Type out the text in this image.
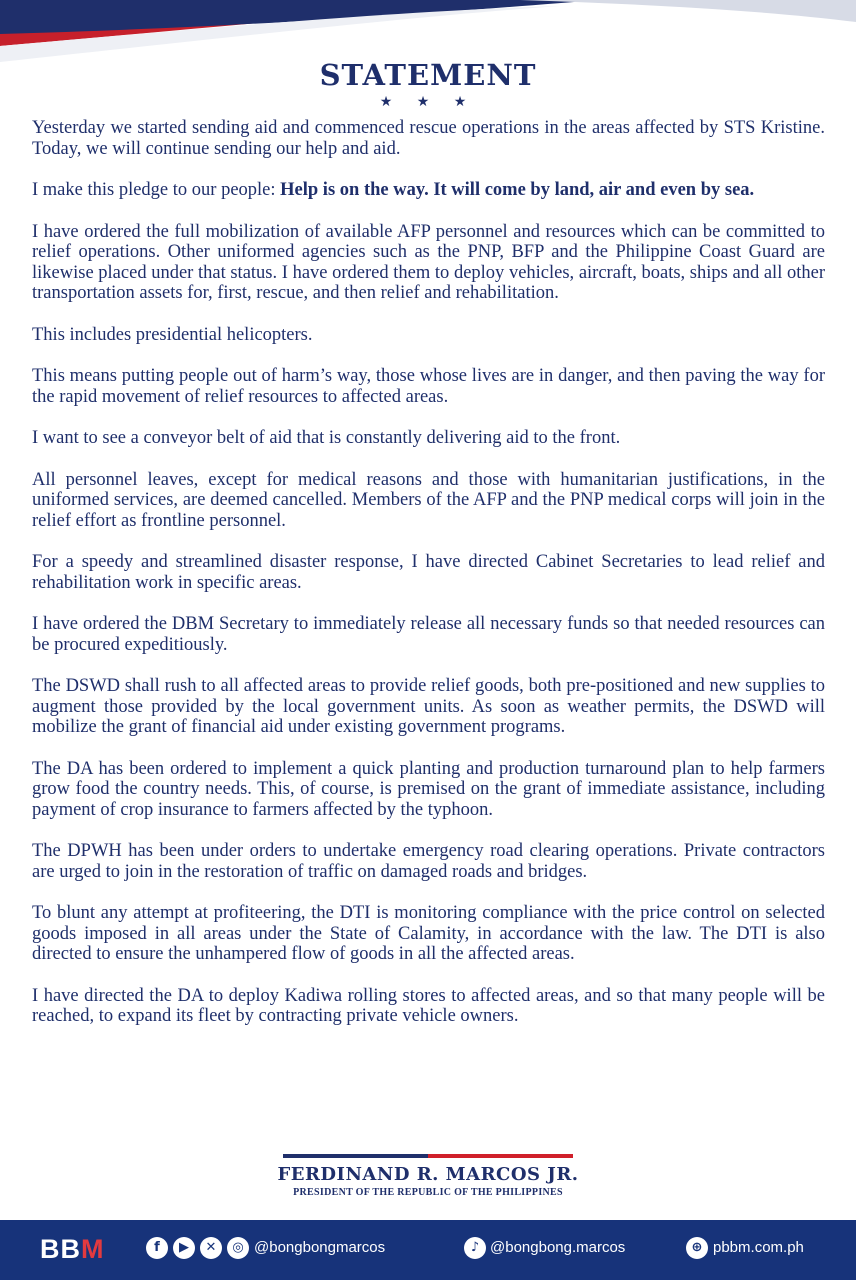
STATEMENT
★ ★ ★

Yesterday we started sending aid and commenced rescue operations in the areas affected by STS Kristine. Today, we will continue sending our help and aid.

I make this pledge to our people: Help is on the way. It will come by land, air and even by sea.

I have ordered the full mobilization of available AFP personnel and resources which can be committed to relief operations. Other uniformed agencies such as the PNP, BFP and the Philippine Coast Guard are likewise placed under that status. I have ordered them to deploy vehicles, aircraft, boats, ships and all other transportation assets for, first, rescue, and then relief and rehabilitation.

This includes presidential helicopters.

This means putting people out of harm’s way, those whose lives are in danger, and then paving the way for the rapid movement of relief resources to affected areas.

I want to see a conveyor belt of aid that is constantly delivering aid to the front.

All personnel leaves, except for medical reasons and those with humanitarian justifications, in the uniformed services, are deemed cancelled. Members of the AFP and the PNP medical corps will join in the relief effort as frontline personnel.

For a speedy and streamlined disaster response, I have directed Cabinet Secretaries to lead relief and rehabilitation work in specific areas.

I have ordered the DBM Secretary to immediately release all necessary funds so that needed resources can be procured expeditiously.

The DSWD shall rush to all affected areas to provide relief goods, both pre-positioned and new supplies to augment those provided by the local government units. As soon as weather permits, the DSWD will mobilize the grant of financial aid under existing government programs.

The DA has been ordered to implement a quick planting and production turnaround plan to help farmers grow food the country needs. This, of course, is premised on the grant of immediate assistance, including payment of crop insurance to farmers affected by the typhoon.

The DPWH has been under orders to undertake emergency road clearing operations. Private contractors are urged to join in the restoration of traffic on damaged roads and bridges.

To blunt any attempt at profiteering, the DTI is monitoring compliance with the price control on selected goods imposed in all areas under the State of Calamity, in accordance with the law. The DTI is also directed to ensure the unhampered flow of goods in all the affected areas.

I have directed the DA to deploy Kadiwa rolling stores to affected areas, and so that many people will be reached, to expand its fleet by contracting private vehicle owners.

FERDINAND R. MARCOS JR.
PRESIDENT OF THE REPUBLIC OF THE PHILIPPINES
BBM	f	▶	✕	◎ @bongbongmarcos	♪ @bongbong.marcos	⊕ pbbm.com.ph
